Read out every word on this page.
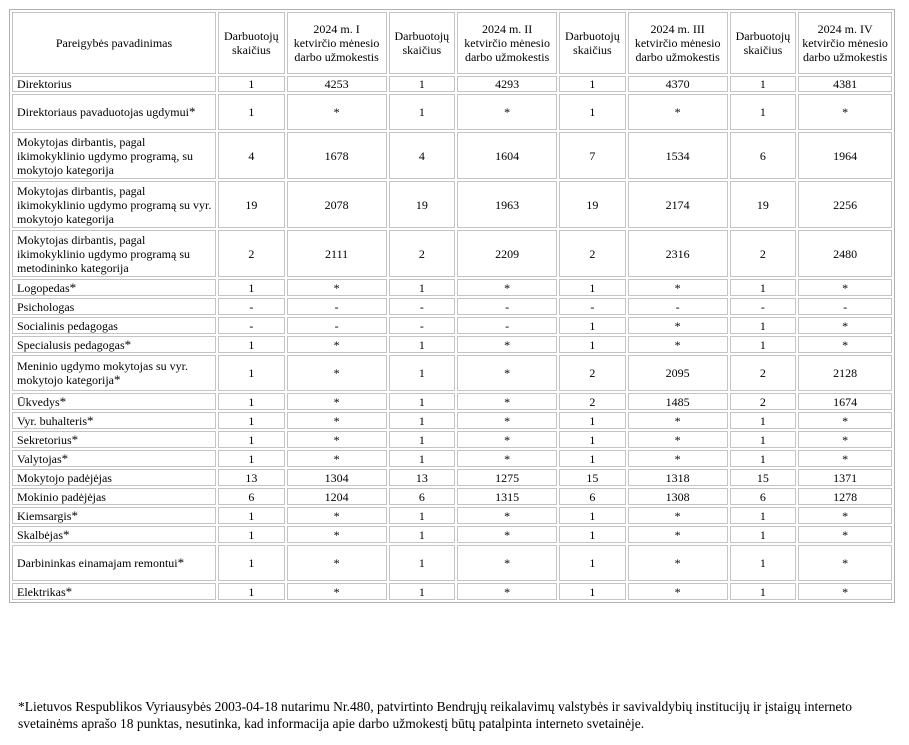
Pareigybės pavadinimas	Darbuotojų skaičius	2024 m. I ketvirčio mėnesio darbo užmokestis	Darbuotojų skaičius	2024 m. II ketvirčio mėnesio darbo užmokestis	Darbuotojų skaičius	2024 m. III ketvirčio mėnesio darbo užmokestis	Darbuotojų skaičius	2024 m. IV ketvirčio mėnesio darbo užmokestis
Direktorius	1	4253	1	4293	1	4370	1	4381
Direktoriaus pavaduotojas ugdymui*	1	*	1	*	1	*	1	*
Mokytojas dirbantis, pagal ikimokyklinio ugdymo programą, su mokytojo kategorija	4	1678	4	1604	7	1534	6	1964
Mokytojas dirbantis, pagal ikimokyklinio ugdymo programą su vyr. mokytojo kategorija	19	2078	19	1963	19	2174	19	2256
Mokytojas dirbantis, pagal ikimokyklinio ugdymo programą su metodininko kategorija	2	2111	2	2209	2	2316	2	2480
Logopedas*	1	*	1	*	1	*	1	*
Psichologas	-	-	-	-	-	-	-	-
Socialinis pedagogas	-	-	-	-	1	*	1	*
Specialusis pedagogas*	1	*	1	*	1	*	1	*
Meninio ugdymo mokytojas su vyr. mokytojo kategorija*	1	*	1	*	2	2095	2	2128
Ūkvedys*	1	*	1	*	2	1485	2	1674
Vyr. buhalteris*	1	*	1	*	1	*	1	*
Sekretorius*	1	*	1	*	1	*	1	*
Valytojas*	1	*	1	*	1	*	1	*
Mokytojo padėjėjas	13	1304	13	1275	15	1318	15	1371
Mokinio padėjėjas	6	1204	6	1315	6	1308	6	1278
Kiemsargis*	1	*	1	*	1	*	1	*
Skalbėjas*	1	*	1	*	1	*	1	*
Darbininkas einamajam remontui*	1	*	1	*	1	*	1	*
Elektrikas*	1	*	1	*	1	*	1	*
*Lietuvos Respublikos Vyriausybės 2003-04-18 nutarimu Nr.480, patvirtinto Bendrųjų reikalavimų valstybės ir savivaldybių institucijų ir įstaigų interneto svetainėms aprašo 18 punktas, nesutinka, kad informacija apie darbo užmokestį būtų patalpinta interneto svetainėje.
